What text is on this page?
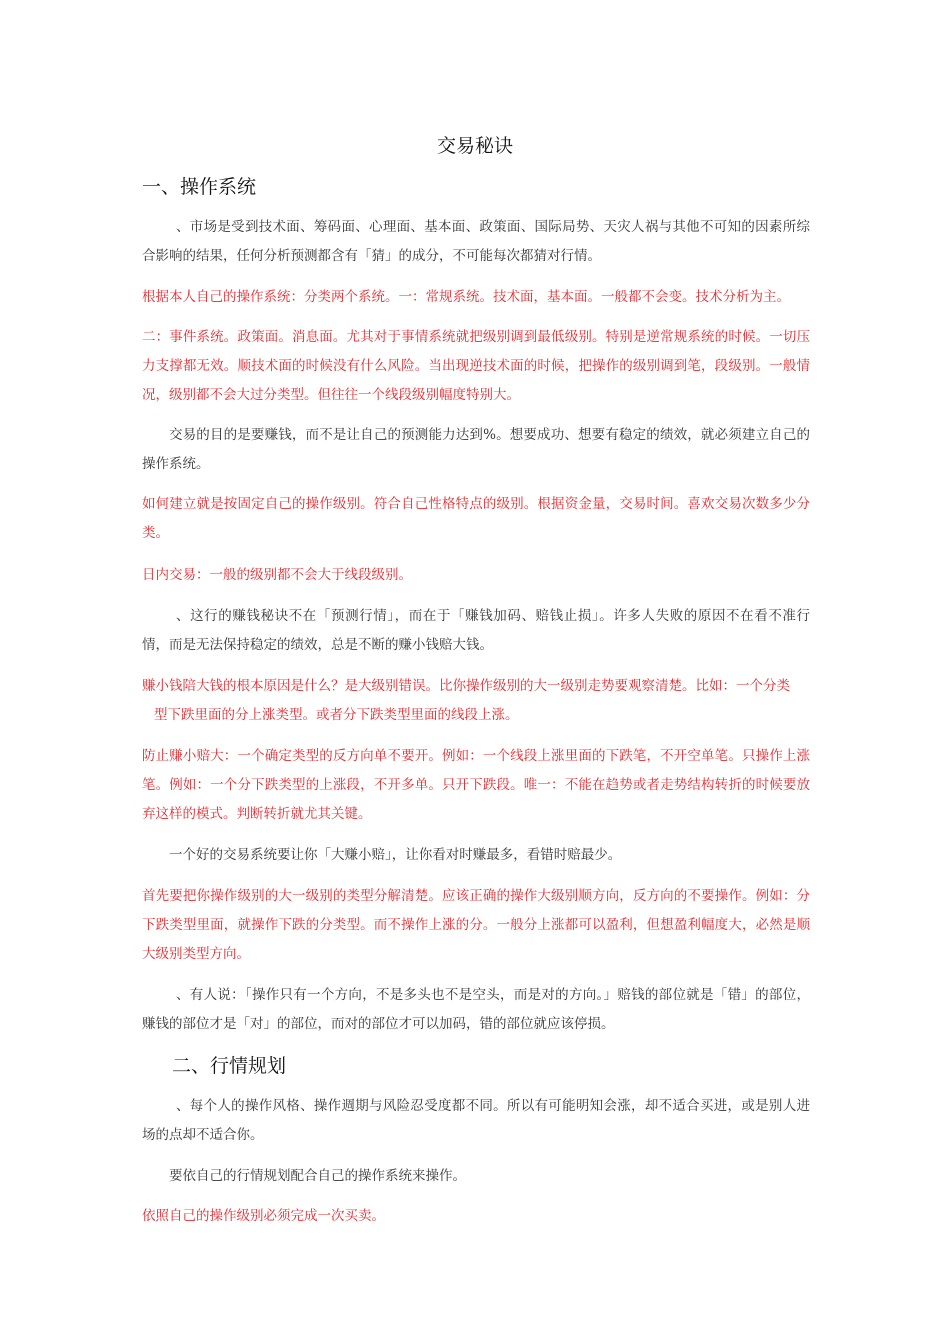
交易秘诀
一、操作系统

、市场是受到技术面、筹码面、心理面、基本面、政策面、国际局势、天灾人祸与其他不可知的因素所综合影响的结果，任何分析预测都含有「猜」的成分，不可能每次都猜对行情。

根据本人自己的操作系统：分类两个系统。一：常规系统。技术面，基本面。一般都不会变。技术分析为主。

二：事件系统。政策面。消息面。尤其对于事情系统就把级别调到最低级别。特别是逆常规系统的时候。一切压力支撑都无效。顺技术面的时候没有什么风险。当出现逆技术面的时候，把操作的级别调到笔，段级别。一般情况，级别都不会大过分类型。但往往一个线段级别幅度特别大。

交易的目的是要赚钱，而不是让自己的预测能力达到%。想要成功、想要有稳定的绩效，就必须建立自己的操作系统。

如何建立就是按固定自己的操作级别。符合自己性格特点的级别。根据资金量，交易时间。喜欢交易次数多少分类。

日内交易：一般的级别都不会大于线段级别。

、这行的赚钱秘诀不在「预测行情」，而在于「赚钱加码、赔钱止损」。许多人失败的原因不在看不准行情，而是无法保持稳定的绩效，总是不断的赚小钱赔大钱。

赚小钱陪大钱的根本原因是什么？是大级别错误。比你操作级别的大一级别走势要观察清楚。比如：一个分类
型下跌里面的分上涨类型。或者分下跌类型里面的线段上涨。

防止赚小赔大：一个确定类型的反方向单不要开。例如：一个线段上涨里面的下跌笔，不开空单笔。只操作上涨笔。例如：一个分下跌类型的上涨段，不开多单。只开下跌段。唯一：不能在趋势或者走势结构转折的时候要放弃这样的模式。判断转折就尤其关键。

一个好的交易系统要让你「大赚小赔」，让你看对时赚最多，看错时赔最少。

首先要把你操作级别的大一级别的类型分解清楚。应该正确的操作大级别顺方向，反方向的不要操作。例如：分下跌类型里面，就操作下跌的分类型。而不操作上涨的分。一般分上涨都可以盈利，但想盈利幅度大，必然是顺大级别类型方向。

、有人说：「操作只有一个方向，不是多头也不是空头，而是对的方向。」赔钱的部位就是「错」的部位，赚钱的部位才是「对」的部位，而对的部位才可以加码，错的部位就应该停损。

二、行情规划

、每个人的操作风格、操作週期与风险忍受度都不同。所以有可能明知会涨，却不适合买进，或是别人进场的点却不适合你。

要依自己的行情规划配合自己的操作系统来操作。

依照自己的操作级别必须完成一次买卖。
